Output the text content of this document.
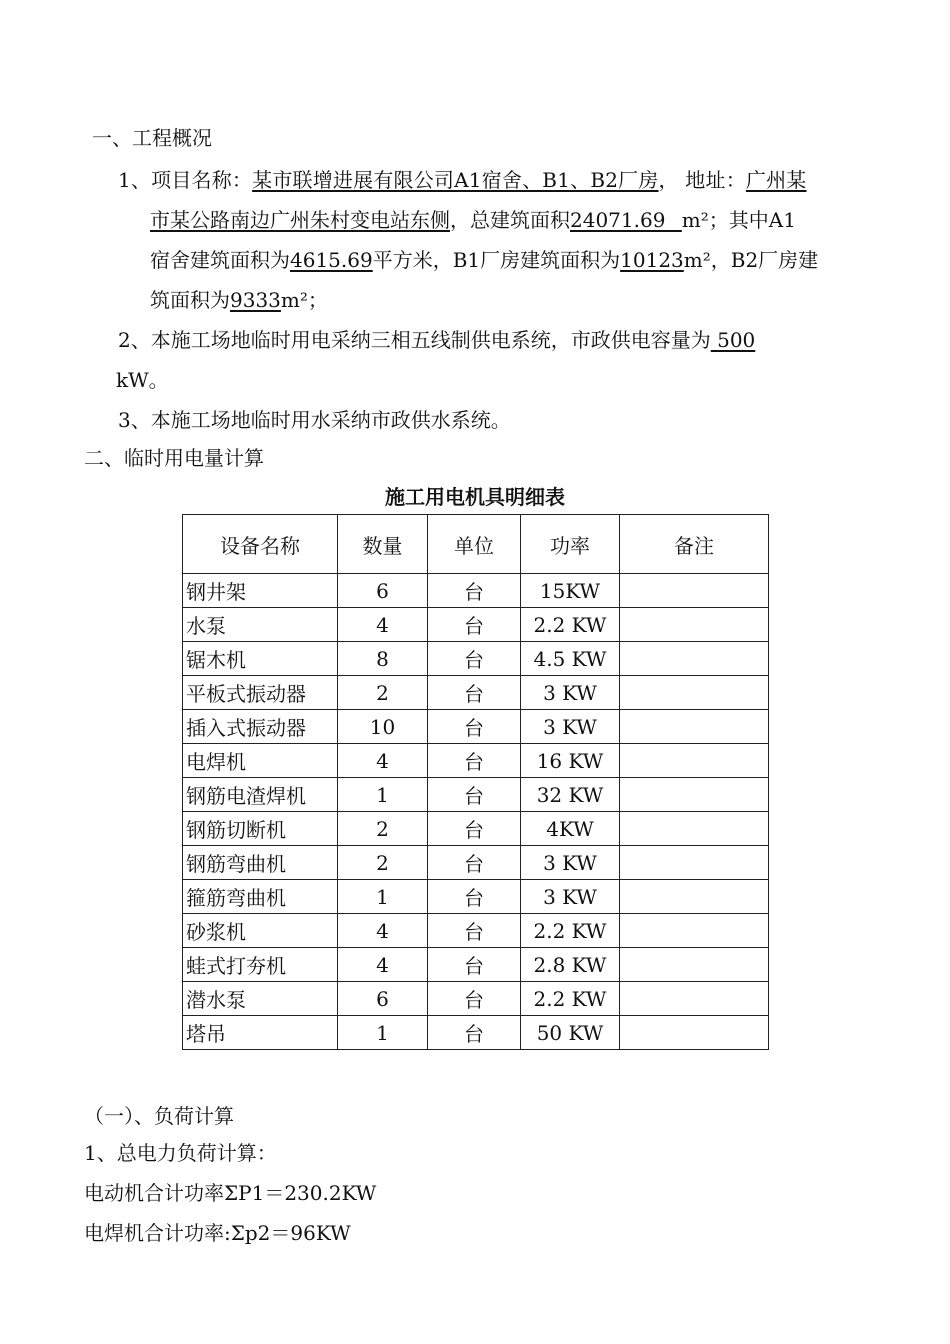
一、工程概况
1、项目名称：某市联增进展有限公司A1宿舍、B1、B2厂房， 地址：广州某
市某公路南边广州朱村变电站东侧，总建筑面积24071.69 _m²；其中A1
宿舍建筑面积为4615.69平方米，B1厂房建筑面积为10123m²，B2厂房建
筑面积为9333m²；
2、本施工场地临时用电采纳三相五线制供电系统，市政供电容量为 500
kW。
3、本施工场地临时用水采纳市政供水系统。
二、临时用电量计算
施工用电机具明细表
设备名称	数量	单位	功率	备注
钢井架	6	台	15KW	
水泵	4	台	2.2 KW	
锯木机	8	台	4.5 KW	
平板式振动器	2	台	3 KW	
插入式振动器	10	台	3 KW	
电焊机	4	台	16 KW	
钢筋电渣焊机	1	台	32 KW	
钢筋切断机	2	台	4KW	
钢筋弯曲机	2	台	3 KW	
箍筋弯曲机	1	台	3 KW	
砂浆机	4	台	2.2 KW	
蛙式打夯机	4	台	2.8 KW	
潜水泵	6	台	2.2 KW	
塔吊	1	台	50 KW	
（一）、负荷计算
1、总电力负荷计算：
电动机合计功率ΣP1＝230.2KW
电焊机合计功率:Σp2＝96KW
